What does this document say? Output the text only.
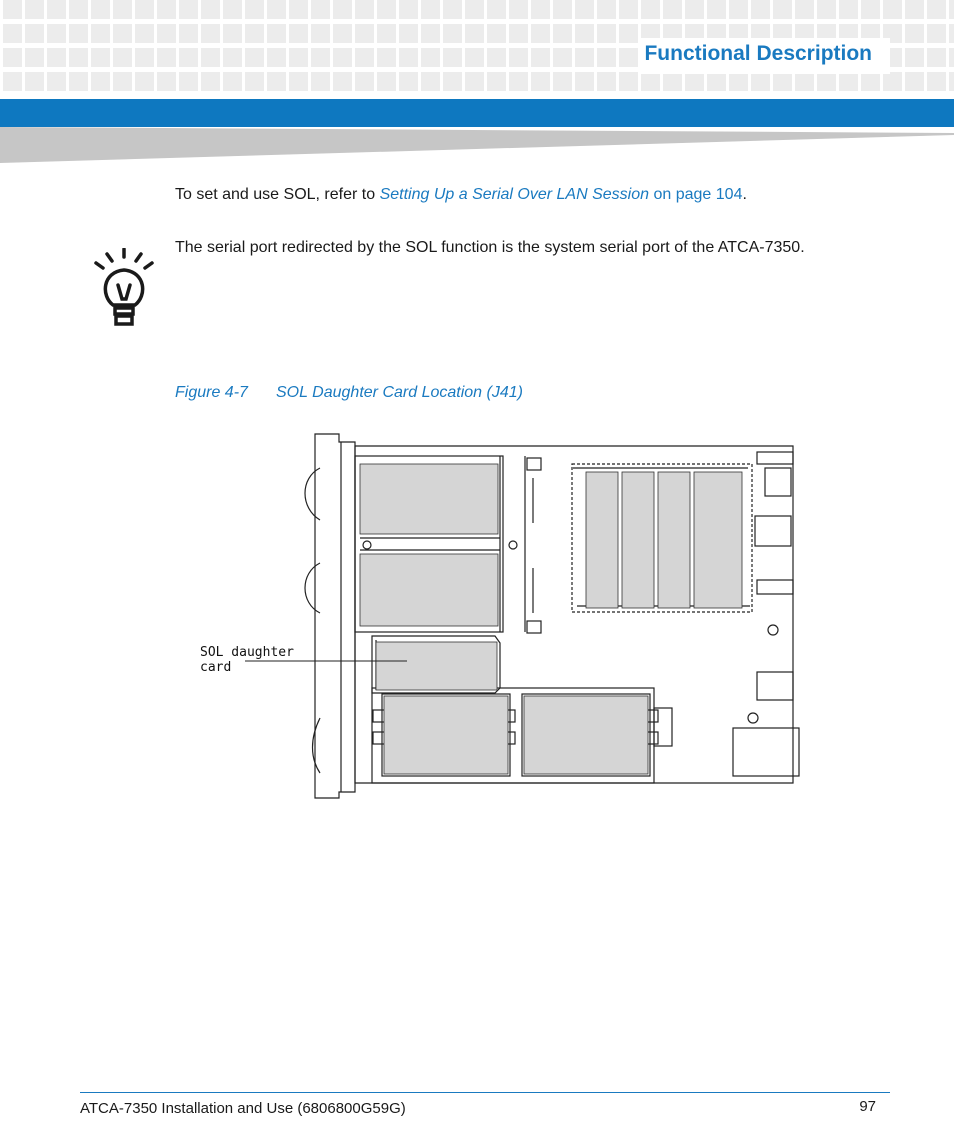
Functional Description
To set and use SOL, refer to Setting Up a Serial Over LAN Session on page 104.
The serial port redirected by the SOL function is the system serial port of the ATCA-7350.
Figure 4-7 SOL Daughter Card Location (J41)
SOL daughter
card
ATCA-7350 Installation and Use (6806800G59G)	97
